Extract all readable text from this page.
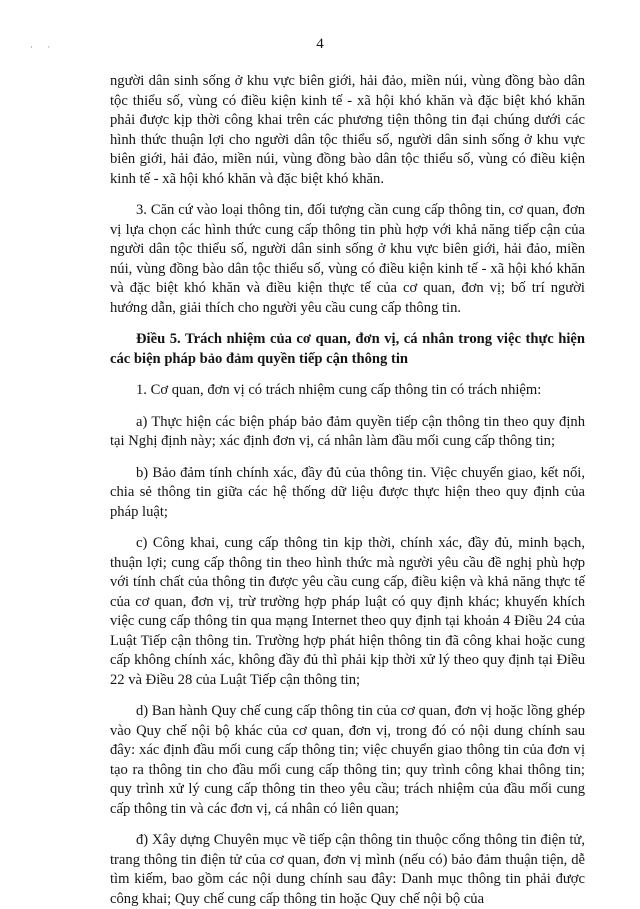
· ·	4

người dân sinh sống ở khu vực biên giới, hải đảo, miền núi, vùng đồng bào dân tộc thiểu số, vùng có điều kiện kinh tế - xã hội khó khăn và đặc biệt khó khăn phải được kịp thời công khai trên các phương tiện thông tin đại chúng dưới các hình thức thuận lợi cho người dân tộc thiểu số, người dân sinh sống ở khu vực biên giới, hải đảo, miền núi, vùng đồng bào dân tộc thiểu số, vùng có điều kiện kinh tế - xã hội khó khăn và đặc biệt khó khăn.

3. Căn cứ vào loại thông tin, đối tượng cần cung cấp thông tin, cơ quan, đơn vị lựa chọn các hình thức cung cấp thông tin phù hợp với khả năng tiếp cận của người dân tộc thiểu số, người dân sinh sống ở khu vực biên giới, hải đảo, miền núi, vùng đồng bào dân tộc thiểu số, vùng có điều kiện kinh tế - xã hội khó khăn và đặc biệt khó khăn và điều kiện thực tế của cơ quan, đơn vị; bố trí người hướng dẫn, giải thích cho người yêu cầu cung cấp thông tin.

Điều 5. Trách nhiệm của cơ quan, đơn vị, cá nhân trong việc thực hiện các biện pháp bảo đảm quyền tiếp cận thông tin

1. Cơ quan, đơn vị có trách nhiệm cung cấp thông tin có trách nhiệm:

a) Thực hiện các biện pháp bảo đảm quyền tiếp cận thông tin theo quy định tại Nghị định này; xác định đơn vị, cá nhân làm đầu mối cung cấp thông tin;

b) Bảo đảm tính chính xác, đầy đủ của thông tin. Việc chuyển giao, kết nối, chia sẻ thông tin giữa các hệ thống dữ liệu được thực hiện theo quy định của pháp luật;

c) Công khai, cung cấp thông tin kịp thời, chính xác, đầy đủ, minh bạch, thuận lợi; cung cấp thông tin theo hình thức mà người yêu cầu đề nghị phù hợp với tính chất của thông tin được yêu cầu cung cấp, điều kiện và khả năng thực tế của cơ quan, đơn vị, trừ trường hợp pháp luật có quy định khác; khuyến khích việc cung cấp thông tin qua mạng Internet theo quy định tại khoản 4 Điều 24 của Luật Tiếp cận thông tin. Trường hợp phát hiện thông tin đã công khai hoặc cung cấp không chính xác, không đầy đủ thì phải kịp thời xử lý theo quy định tại Điều 22 và Điều 28 của Luật Tiếp cận thông tin;

d) Ban hành Quy chế cung cấp thông tin của cơ quan, đơn vị hoặc lồng ghép vào Quy chế nội bộ khác của cơ quan, đơn vị, trong đó có nội dung chính sau đây: xác định đầu mối cung cấp thông tin; việc chuyển giao thông tin của đơn vị tạo ra thông tin cho đầu mối cung cấp thông tin; quy trình công khai thông tin; quy trình xử lý cung cấp thông tin theo yêu cầu; trách nhiệm của đầu mối cung cấp thông tin và các đơn vị, cá nhân có liên quan;

đ) Xây dựng Chuyên mục về tiếp cận thông tin thuộc cổng thông tin điện tử, trang thông tin điện tử của cơ quan, đơn vị mình (nếu có) bảo đảm thuận tiện, dễ tìm kiếm, bao gồm các nội dung chính sau đây: Danh mục thông tin phải được công khai; Quy chế cung cấp thông tin hoặc Quy chế nội bộ của
